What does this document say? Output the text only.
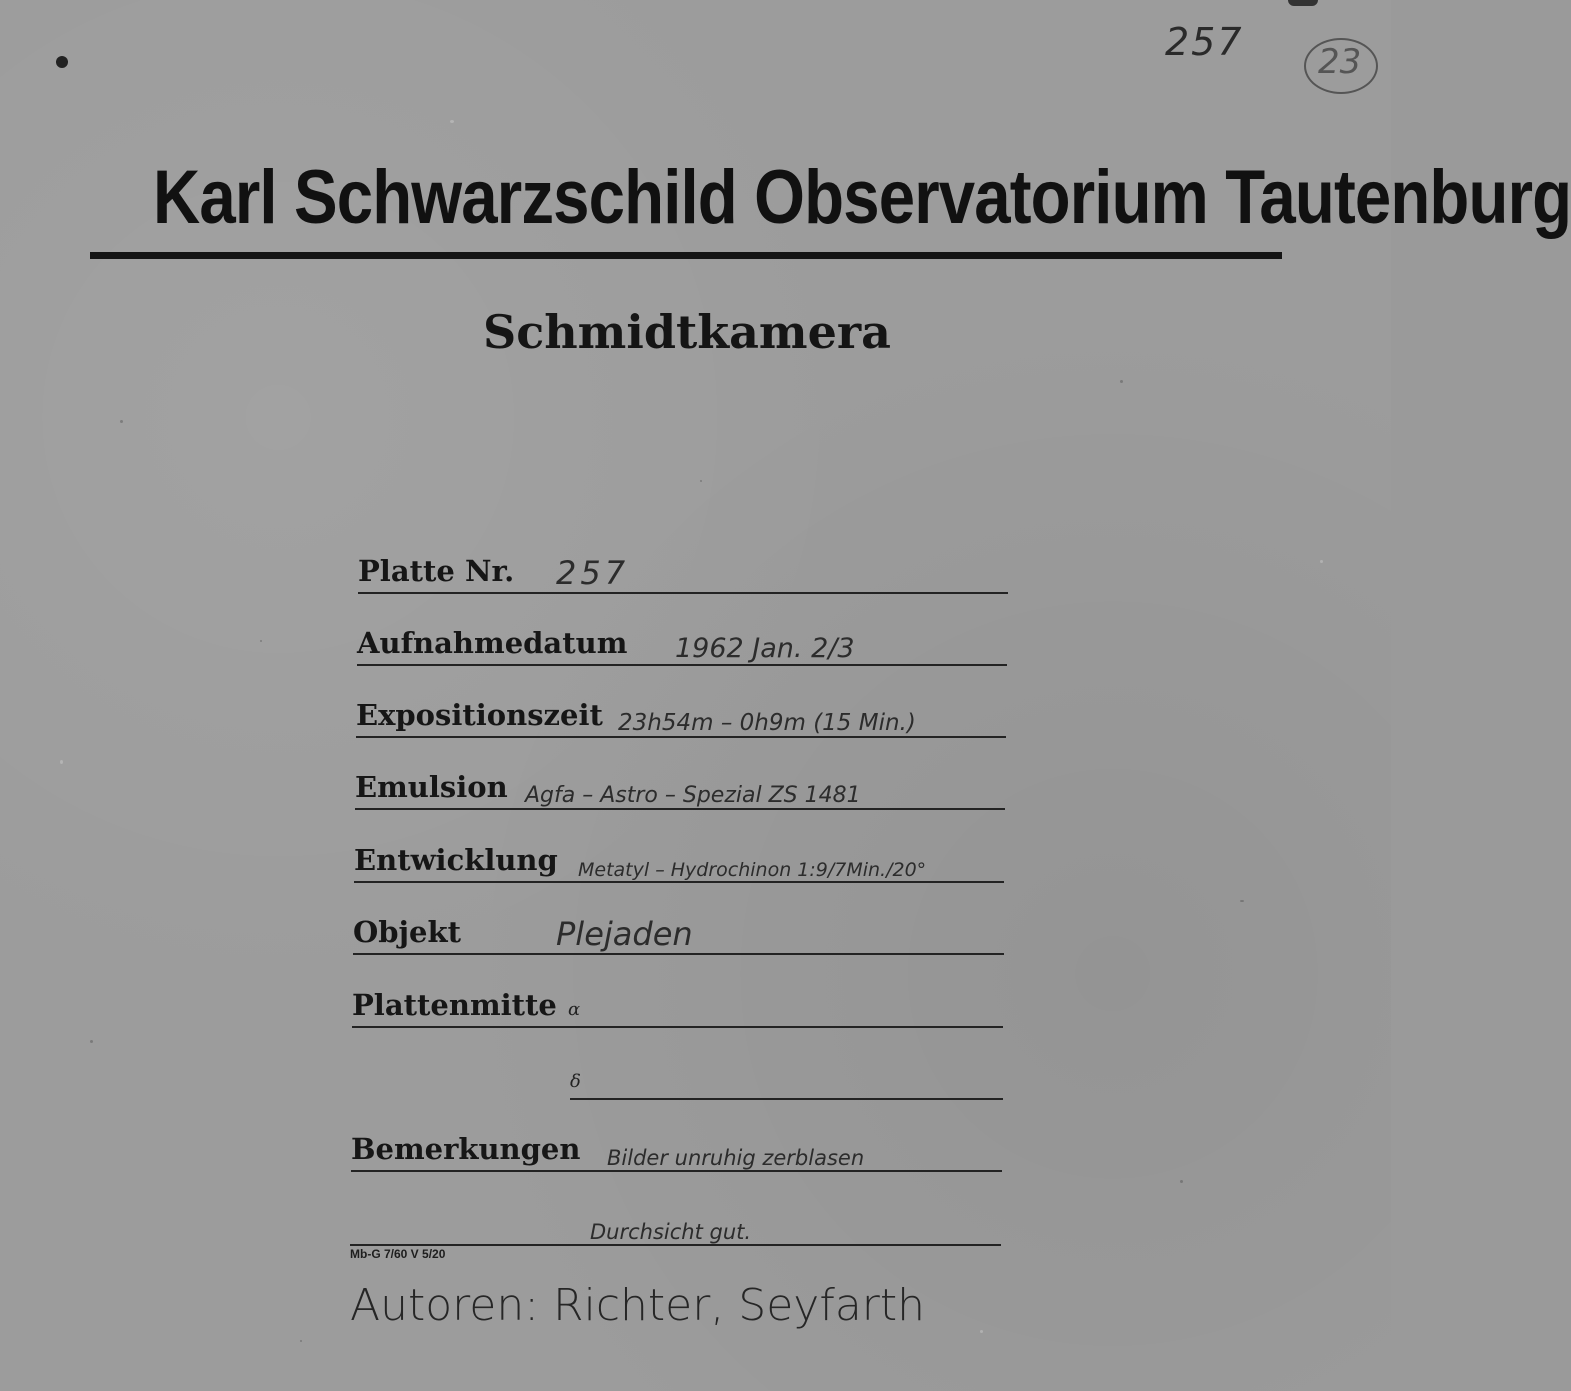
257 23
Karl Schwarzschild Observatorium Tautenburg
Schmidtkamera
Platte Nr. 257
Aufnahmedatum 1962 Jan. 2/3
Expositionszeit 23h54m – 0h9m (15 Min.)
Emulsion Agfa – Astro – Spezial ZS 1481
Entwicklung Metatyl – Hydrochinon 1:9/7Min./20°
Objekt	Plejaden
Plattenmitte α
δ
Bemerkungen Bilder unruhig zerblasen
Durchsicht gut.
Mb-G 7/60 V 5/20
Autoren: Richter, Seyfarth
